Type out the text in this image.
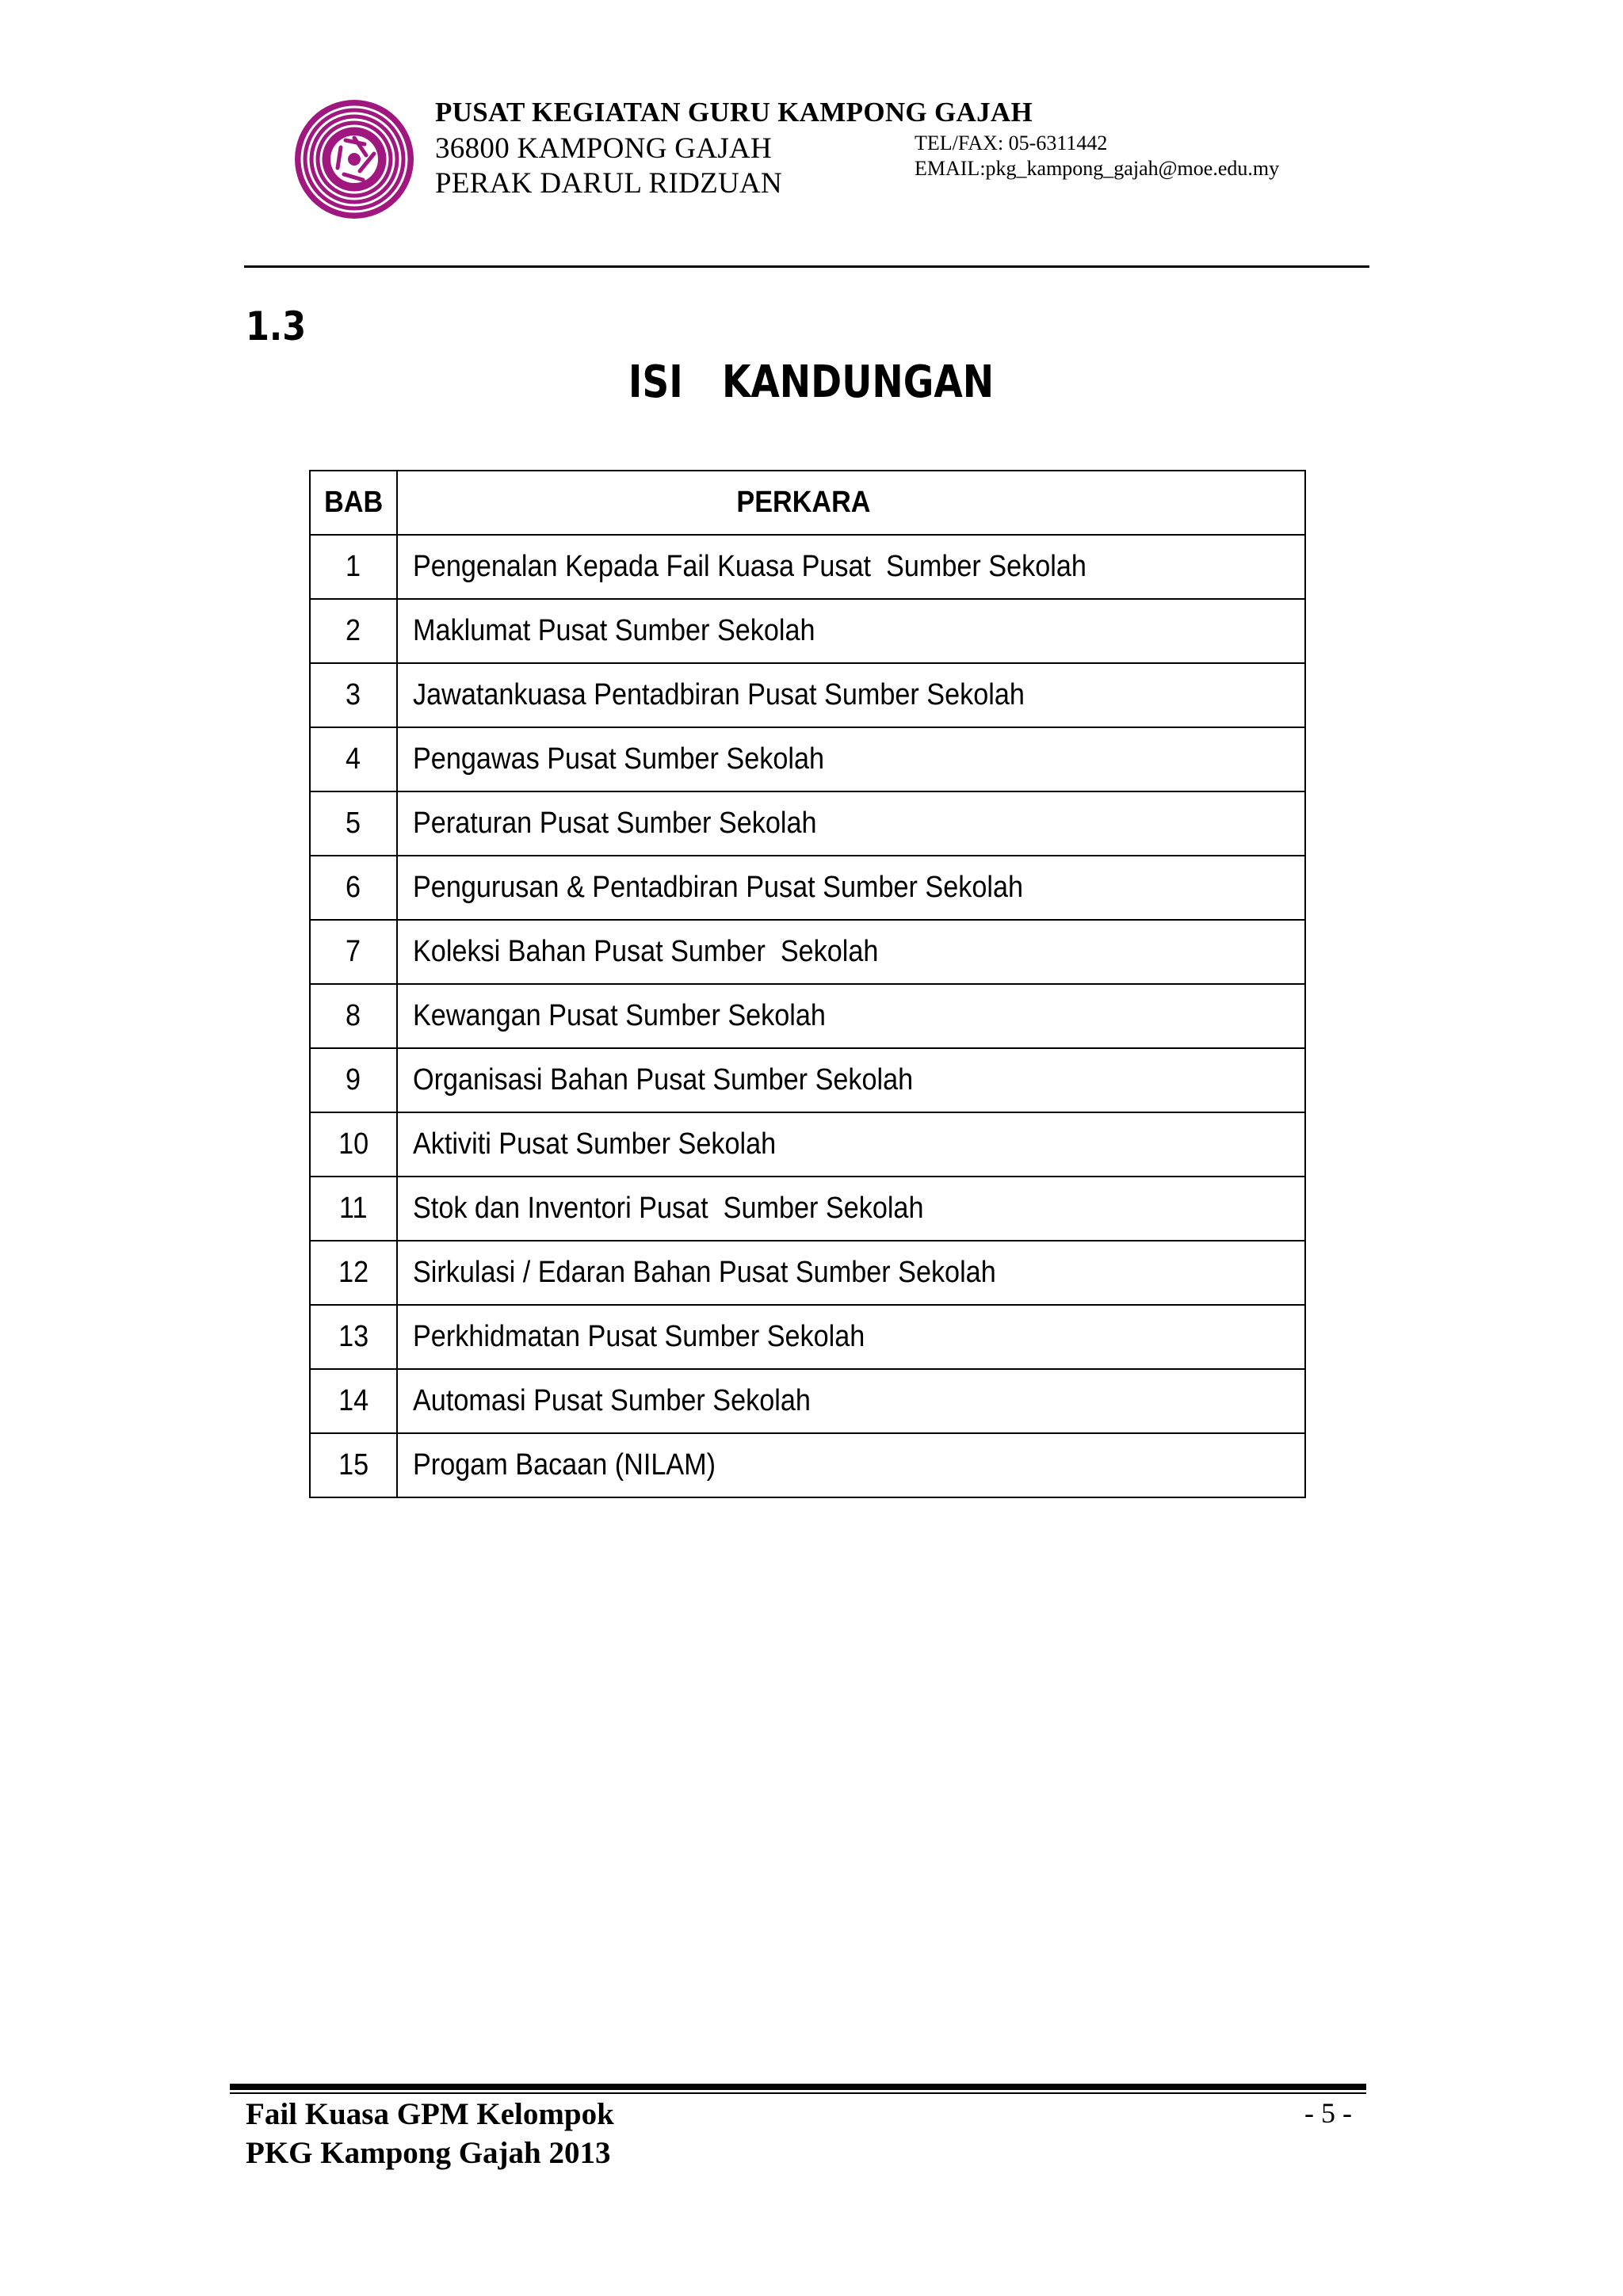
PUSAT KEGIATAN GURU KAMPONG GAJAH
36800 KAMPONG GAJAH
PERAK DARUL RIDZUAN
TEL/FAX: 05-6311442
EMAIL:pkg_kampong_gajah@moe.edu.my
1.3
ISI   KANDUNGAN
BAB	PERKARA
1	Pengenalan Kepada Fail Kuasa Pusat  Sumber Sekolah
2	Maklumat Pusat Sumber Sekolah
3	Jawatankuasa Pentadbiran Pusat Sumber Sekolah
4	Pengawas Pusat Sumber Sekolah
5	Peraturan Pusat Sumber Sekolah
6	Pengurusan & Pentadbiran Pusat Sumber Sekolah
7	Koleksi Bahan Pusat Sumber  Sekolah
8	Kewangan Pusat Sumber Sekolah
9	Organisasi Bahan Pusat Sumber Sekolah
10	Aktiviti Pusat Sumber Sekolah
11	Stok dan Inventori Pusat  Sumber Sekolah
12	Sirkulasi / Edaran Bahan Pusat Sumber Sekolah
13	Perkhidmatan Pusat Sumber Sekolah
14	Automasi Pusat Sumber Sekolah
15	Progam Bacaan (NILAM)
Fail Kuasa GPM Kelompok
PKG Kampong Gajah 2013
- 5 -
